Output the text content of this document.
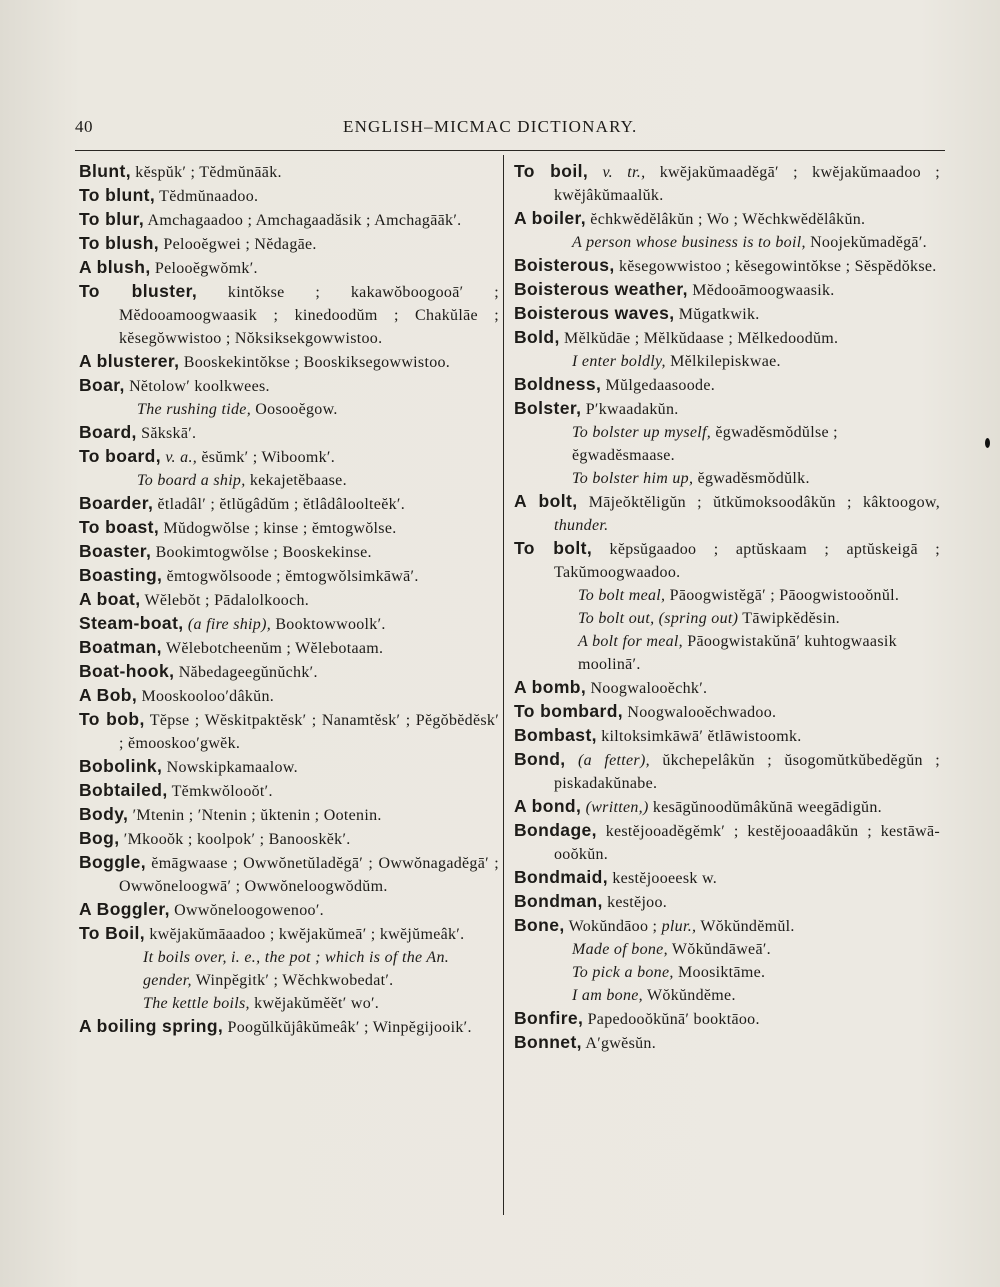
40	ENGLISH–MICMAC DICTIONARY.

Blunt, kĕspŭk′ ; Tĕdmŭnāāk.

To blunt, Tĕdmŭnaadoo.

To blur, Amchagaadoo ; Amchagaadăsik ; Amchagāāk′.

To blush, Pelooĕgwei ; Nĕdagāe.

A blush, Pelooĕgwŏmk′.

To bluster, kintŏkse ; kakawŏboogooā′ ; Mĕdooamoogwaasik ; kinedoodŭm ; Chakŭlāe ; kĕsegŏwwistoo ; Nŏksiksekgowwistoo.

A blusterer, Booskekintŏkse ; Booskiksegowwistoo.

Boar, Nĕtolow′ koolkwees.

The rushing tide, Oosooĕgow.

Board, Săkskā′.

To board, v. a., ĕsŭmk′ ; Wiboomk′.

To board a ship, kekajetĕbaase.

Boarder, ĕtladâl′ ; ĕtlŭgâdŭm ; ĕtlâdâloolteĕk′.

To boast, Mŭdogwŏlse ; kinse ; ĕmtogwŏlse.

Boaster, Bookimtogwŏlse ; Booskekinse.

Boasting, ĕmtogwŏlsoode ; ĕmtogwŏlsimkāwā′.

A boat, Wĕlebŏt ; Pādalolkooch.

Steam-boat, (a fire ship), Booktowwoolk′.

Boatman, Wĕlebotcheenŭm ; Wĕlebotaam.

Boat-hook, Năbedageegŭnŭchk′.

A Bob, Mooskooloo′dâkŭn.

To bob, Tĕpse ; Wĕskitpaktĕsk′ ; Nanamtĕsk′ ; Pĕgŏbĕdĕsk′ ; ĕmooskoo′gwĕk.

Bobolink, Nowskipkamaalow.

Bobtailed, Tĕmkwŏlooŏt′.

Body, ′Mtenin ; ′Ntenin ; ŭktenin ; Ootenin.

Bog, ′Mkooŏk ; koolpok′ ; Banooskĕk′.

Boggle, ĕmāgwaase ; Owwŏnetŭladĕgā′ ; Owwŏnagadĕgā′ ; Owwŏneloogwā′ ; Owwŏneloogwŏdŭm.

A Boggler, Owwŏneloogowenoo′.

To Boil, kwĕjakŭmāaadoo ; kwĕjakŭmeā′ ; kwĕjŭmeâk′.

It boils over, i. e., the pot ; which is of the An. gender, Winpĕgitk′ ; Wĕchkwobedat′.

The kettle boils, kwĕjakŭmĕĕt′ wo′.

A boiling spring, Poogŭlkŭjâkŭmeâk′ ; Winpĕgijooik′.

To boil, v. tr., kwĕjakŭmaadĕgā′ ; kwĕjakŭmaadoo ; kwĕjâkŭmaalŭk.

A boiler, ĕchkwĕdĕlâkŭn ; Wo ; Wĕchkwĕdĕlâkŭn.

A person whose business is to boil, Noojekŭmadĕgā′.

Boisterous, kĕsegowwistoo ; kĕsegowintŏkse ; Sĕspĕdŏkse.

Boisterous weather, Mĕdooāmoogwaasik.

Boisterous waves, Mŭgatkwik.

Bold, Mĕlkŭdāe ; Mĕlkŭdaase ; Mĕlkedoodŭm.

I enter boldly, Mĕlkilepiskwae.

Boldness, Mŭlgedaasoode.

Bolster, P′kwaadakŭn.

To bolster up myself, ĕgwadĕsmŏdŭlse ; ĕgwadĕsmaase.

To bolster him up, ĕgwadĕsmŏdŭlk.

A bolt, Mājeŏktĕligŭn ; ŭtkŭmoksoodâkŭn ; kâktoogow, thunder.

To bolt, kĕpsŭgaadoo ; aptŭskaam ; aptŭskeigā ; Takŭmoogwaadoo.

To bolt meal, Pāoogwistĕgā′ ; Pāoogwistooŏnŭl.

To bolt out, (spring out) Tāwipkĕdĕsin.

A bolt for meal, Pāoogwistakŭnā′ kuhtogwaasik moolinā′.

A bomb, Noogwalooĕchk′.

To bombard, Noogwalooĕchwadoo.

Bombast, kiltoksimkāwā′ ĕtlāwistoomk.

Bond, (a fetter), ŭkchepelâkŭn ; ŭsogomŭtkŭbedĕgŭn ; piskadakŭnabe.

A bond, (written,) kesāgŭnoodŭmâkŭnā weegādigŭn.

Bondage, kestĕjooadĕgĕmk′ ; kestĕjooaadâkŭn ; kestāwā-ooŏkŭn.

Bondmaid, kestĕjooeesk w.

Bondman, kestĕjoo.

Bone, Wokŭndāoo ; plur., Wŏkŭndĕmŭl.

Made of bone, Wŏkŭndāweā′.

To pick a bone, Moosiktāme.

I am bone, Wŏkŭndĕme.

Bonfire, Papedooŏkŭnā′ booktāoo.

Bonnet, A′gwĕsŭn.
